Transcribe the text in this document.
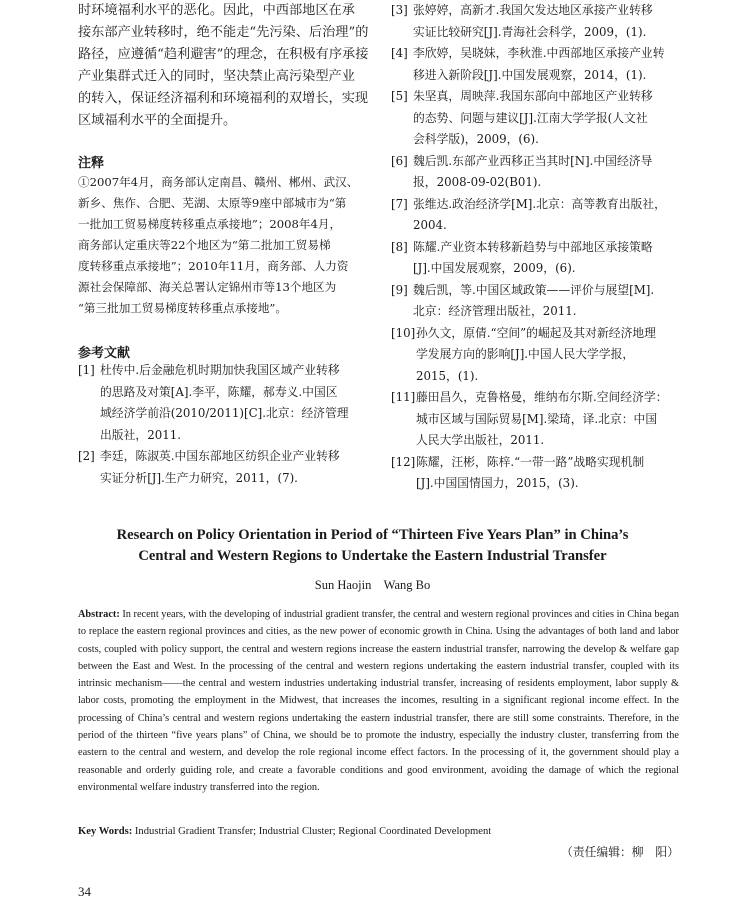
时环境福利水平的恶化。因此，中西部地区在承

接东部产业转移时，绝不能走“先污染、后治理”的

路径，应遵循“趋利避害”的理念，在积极有序承接

产业集群式迁入的同时，坚决禁止高污染型产业

的转入，保证经济福利和环境福利的双增长，实现

区域福利水平的全面提升。

注释

①2007年4月，商务部认定南昌、赣州、郴州、武汉、

新乡、焦作、合肥、芜湖、太原等9座中部城市为“第

一批加工贸易梯度转移重点承接地”；2008年4月，

商务部认定重庆等22个地区为“第二批加工贸易梯

度转移重点承接地”；2010年11月，商务部、人力资

源社会保障部、海关总署认定锦州市等13个地区为

“第三批加工贸易梯度转移重点承接地”。

参考文献
[1] 杜传中.后金融危机时期加快我国区域产业转移
的思路及对策[A].李平，陈耀，郝寿义.中国区
域经济学前沿(2010/2011)[C].北京：经济管理
出版社，2011.
[2] 李廷，陈淑英.中国东部地区纺织企业产业转移
实证分析[J].生产力研究，2011，(7).
[3] 张婷婷，高新才.我国欠发达地区承接产业转移
实证比较研究[J].青海社会科学，2009，(1).
[4] 李欣婷，吴晓妹，李秋淮.中西部地区承接产业转
移进入新阶段[J].中国发展观察，2014，(1).
[5] 朱坚真，周映萍.我国东部向中部地区产业转移
的态势、问题与建议[J].江南大学学报(人文社
会科学版)，2009，(6).
[6] 魏后凯.东部产业西移正当其时[N].中国经济导
报，2008-09-02(B01).
[7] 张维达.政治经济学[M].北京：高等教育出版社，
2004.
[8] 陈耀.产业资本转移新趋势与中部地区承接策略
[J].中国发展观察，2009，(6).
[9] 魏后凯，等.中国区域政策——评价与展望[M].
北京：经济管理出版社，2011.
[10] 孙久文，原倩.“空间”的崛起及其对新经济地理
学发展方向的影响[J].中国人民大学学报，
2015，(1).
[11] 藤田昌久，克鲁格曼，维纳布尔斯.空间经济学：
城市区域与国际贸易[M].梁琦，译.北京：中国
人民大学出版社，2011.
[12] 陈耀，汪彬，陈梓.“一带一路”战略实现机制
[J].中国国情国力，2015，(3).
Research on Policy Orientation in Period of “Thirteen Five Years Plan” in China’s
Central and Western Regions to Undertake the Eastern Industrial Transfer
Sun Haojin    Wang Bo
Abstract: In recent years, with the developing of industrial gradient transfer, the central and western regional provinces and cities in China began to replace the eastern regional provinces and cities, as the new power of economic growth in China. Using the advantages of both land and labor costs, coupled with policy support, the central and western regions increase the eastern industrial transfer, narrowing the develop & welfare gap between the East and West. In the processing of the central and western regions undertaking the eastern industrial transfer, coupled with its intrinsic mechanism——the central and western industries undertaking industrial transfer, increasing of residents employment, labor supply & labor costs, promoting the employment in the Midwest, that increases the incomes, resulting in a significant regional income effect. In the processing of China’s central and western regions undertaking the eastern industrial transfer, there are still some constraints. Therefore, in the period of the thirteen “five years plans” of China, we should be to promote the industry, especially the industry cluster, transferring from the eastern to the central and western, and develop the role regional income effect factors. In the processing of it, the government should play a reasonable and orderly guiding role, and create a favorable conditions and good environment, avoiding the damage of which the regional environmental welfare industry transferred into the region.
Key Words: Industrial Gradient Transfer; Industrial Cluster; Regional Coordinated Development
（责任编辑：柳　阳）
34
